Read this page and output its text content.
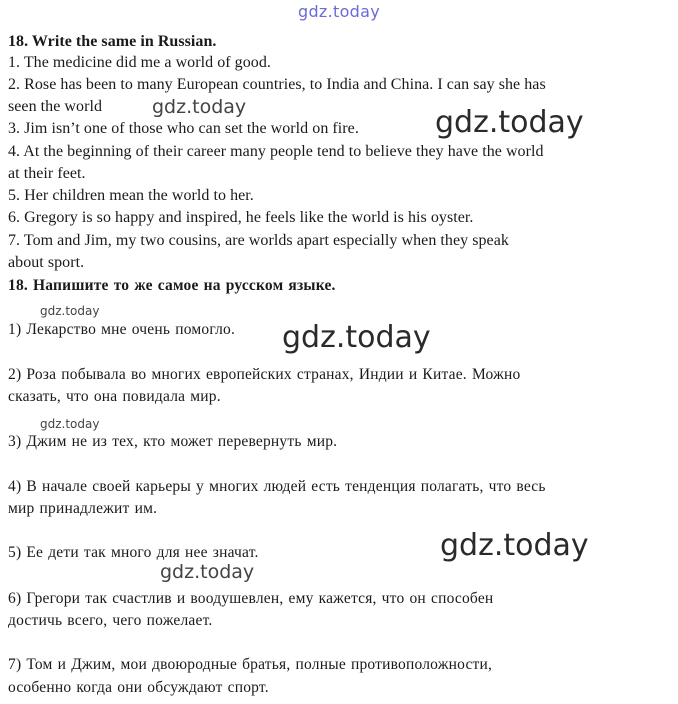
gdz.today
18. Write the same in Russian.
1. The medicine did me a world of good.
2. Rose has been to many European countries, to India and China. I can say she has
seen the world	gdz.today
3. Jim isn’t one of those who can set the world on fire.	gdz.today
4. At the beginning of their career many people tend to believe they have the world
at their feet.
5. Her children mean the world to her.
6. Gregory is so happy and inspired, he feels like the world is his oyster.
7. Tom and Jim, my two cousins, are worlds apart especially when they speak
about sport.
18. Напишите то же самое на русском языке.
gdz.today
1) Лекарство мне очень помогло. gdz.today
2) Роза побывала во многих европейских странах, Индии и Китае. Можно
сказать, что она повидала мир.
gdz.today
3) Джим не из тех, кто может перевернуть мир.
4) В начале своей карьеры у многих людей есть тенденция полагать, что весь
мир принадлежит им.
5) Ее дети так много для нее значат.	gdz.today
gdz.today
6) Грегори так счастлив и воодушевлен, ему кажется, что он способен
достичь всего, чего пожелает.
7) Том и Джим, мои двоюродные братья, полные противоположности,
особенно когда они обсуждают спорт.
